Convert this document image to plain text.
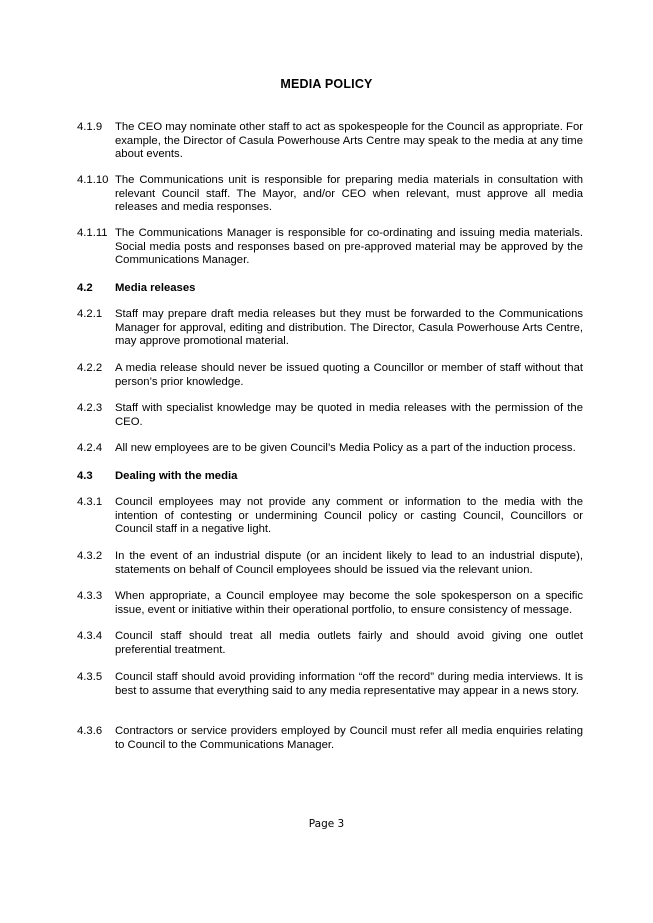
MEDIA POLICY
4.1.9	The CEO may nominate other staff to act as spokespeople for the Council as appropriate. For example, the Director of Casula Powerhouse Arts Centre may speak to the media at any time about events.
4.1.10 The Communications unit is responsible for preparing media materials in consultation with relevant Council staff. The Mayor, and/or CEO when relevant, must approve all media releases and media responses.
4.1.11 The Communications Manager is responsible for co-ordinating and issuing media materials. Social media posts and responses based on pre-approved material may be approved by the Communications Manager.
4.2 Media releases
4.2.1	Staff may prepare draft media releases but they must be forwarded to the Communications Manager for approval, editing and distribution. The Director, Casula Powerhouse Arts Centre, may approve promotional material.
4.2.2	A media release should never be issued quoting a Councillor or member of staff without that person’s prior knowledge.
4.2.3	Staff with specialist knowledge may be quoted in media releases with the permission of the CEO.
4.2.4	All new employees are to be given Council’s Media Policy as a part of the induction process.
4.3 Dealing with the media
4.3.1	Council employees may not provide any comment or information to the media with the intention of contesting or undermining Council policy or casting Council, Councillors or Council staff in a negative light.
4.3.2	In the event of an industrial dispute (or an incident likely to lead to an industrial dispute), statements on behalf of Council employees should be issued via the relevant union.
4.3.3	When appropriate, a Council employee may become the sole spokesperson on a specific issue, event or initiative within their operational portfolio, to ensure consistency of message.
4.3.4	Council staff should treat all media outlets fairly and should avoid giving one outlet preferential treatment.
4.3.5	Council staff should avoid providing information “off the record” during media interviews. It is best to assume that everything said to any media representative may appear in a news story.
4.3.6	Contractors or service providers employed by Council must refer all media enquiries relating to Council to the Communications Manager.
Page 3
